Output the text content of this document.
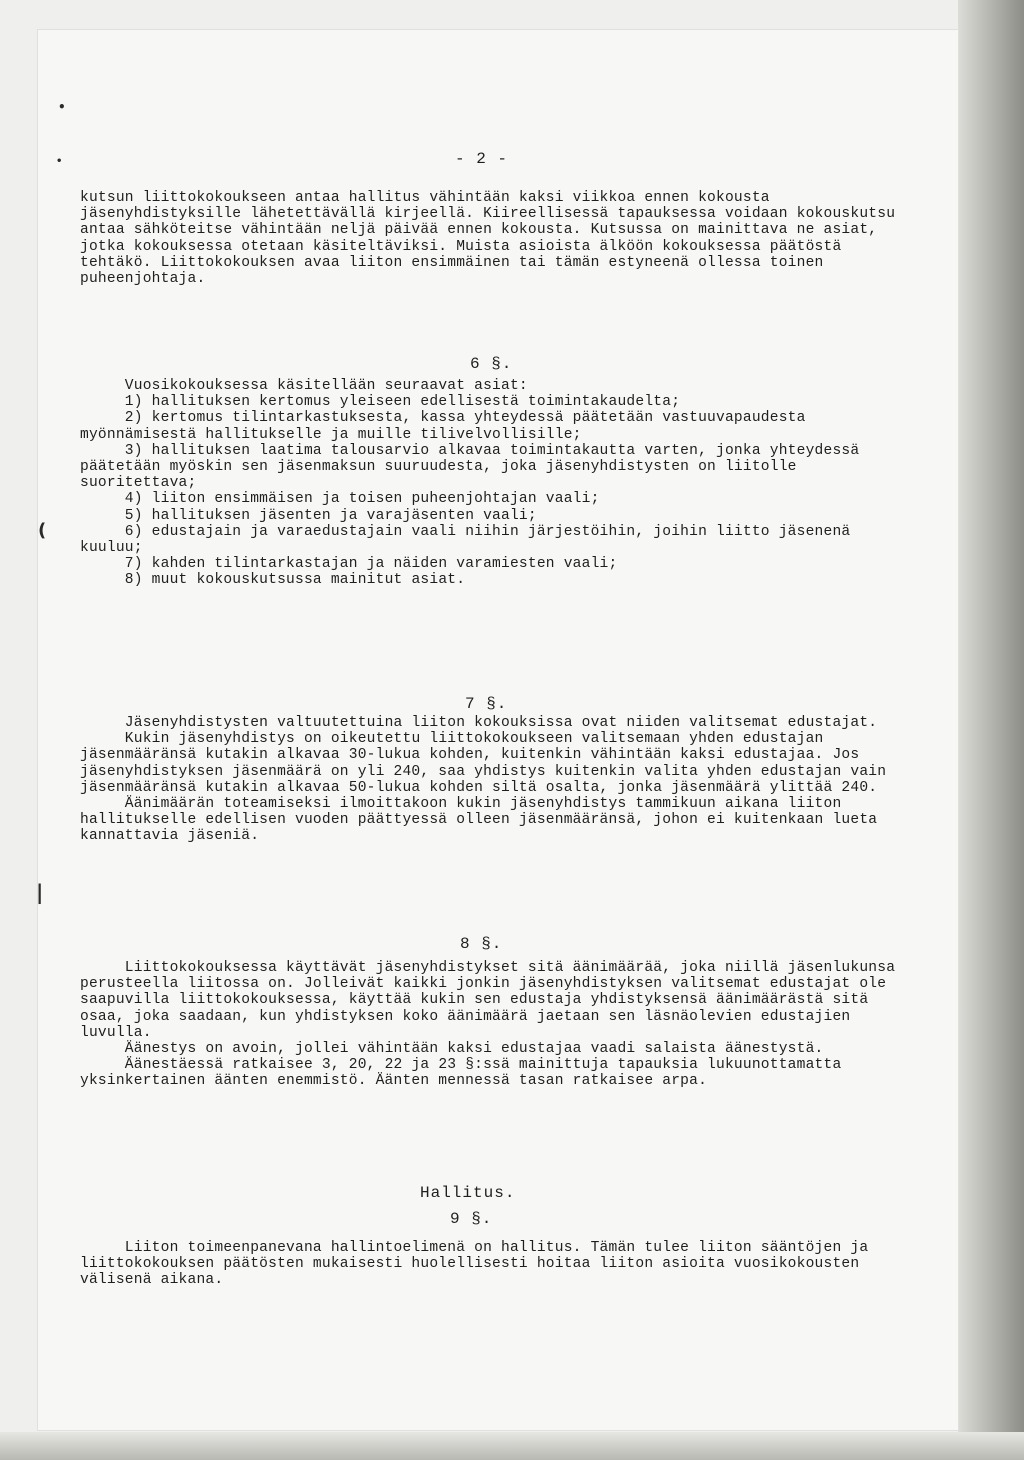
•
•
(
|
- 2 -
kutsun liittokokoukseen antaa hallitus vähintään kaksi viikkoa ennen kokousta jäsenyhdistyksille lähetettävällä kirjeellä. Kiireellisessä tapauksessa voidaan kokouskutsu antaa sähköteitse vähintään neljä päivää ennen kokousta. Kutsussa on mainittava ne asiat, jotka kokouksessa otetaan käsiteltäviksi. Muista asioista älköön kokouksessa päätöstä tehtäkö. Liittokokouksen avaa liiton ensimmäinen tai tämän estyneenä ollessa toinen puheenjohtaja.
6 §.
Vuosikokouksessa käsitellään seuraavat asiat:
1) hallituksen kertomus yleiseen edellisestä toimintakaudelta;
2) kertomus tilintarkastuksesta, kassa yhteydessä päätetään vastuuvapaudesta myönnämisestä hallitukselle ja muille tilivelvollisille;
3) hallituksen laatima talousarvio alkavaa toimintakautta varten, jonka yhteydessä päätetään myöskin sen jäsenmaksun suuruudesta, joka jäsenyhdistysten on liitolle suoritettava;
4) liiton ensimmäisen ja toisen puheenjohtajan vaali;
5) hallituksen jäsenten ja varajäsenten vaali;
6) edustajain ja varaedustajain vaali niihin järjestöihin, joihin liitto jäsenenä kuuluu;
7) kahden tilintarkastajan ja näiden varamiesten vaali;
8) muut kokouskutsussa mainitut asiat.
7 §.
Jäsenyhdistysten valtuutettuina liiton kokouksissa ovat niiden valitsemat edustajat.
Kukin jäsenyhdistys on oikeutettu liittokokoukseen valitsemaan yhden edustajan jäsenmääränsä kutakin alkavaa 30-lukua kohden, kuitenkin vähintään kaksi edustajaa. Jos jäsenyhdistyksen jäsenmäärä on yli 240, saa yhdistys kuitenkin valita yhden edustajan vain jäsenmääränsä kutakin alkavaa 50-lukua kohden siltä osalta, jonka jäsenmäärä ylittää 240.
Äänimäärän toteamiseksi ilmoittakoon kukin jäsenyhdistys tammikuun aikana liiton hallitukselle edellisen vuoden päättyessä olleen jäsenmääränsä, johon ei kuitenkaan lueta kannattavia jäseniä.
8 §.
Liittokokouksessa käyttävät jäsenyhdistykset sitä äänimäärää, joka niillä jäsenlukunsa perusteella liitossa on. Jolleivät kaikki jonkin jäsenyhdistyksen valitsemat edustajat ole saapuvilla liittokokouksessa, käyttää kukin sen edustaja yhdistyksensä äänimäärästä sitä osaa, joka saadaan, kun yhdistyksen koko äänimäärä jaetaan sen läsnäolevien edustajien luvulla.
Äänestys on avoin, jollei vähintään kaksi edustajaa vaadi salaista äänestystä.
Äänestäessä ratkaisee 3, 20, 22 ja 23 §:ssä mainittuja tapauksia lukuunottamatta yksinkertainen äänten enemmistö. Äänten mennessä tasan ratkaisee arpa.
Hallitus.
9 §.
Liiton toimeenpanevana hallintoelimenä on hallitus. Tämän tulee liiton sääntöjen ja liittokokouksen päätösten mukaisesti huolellisesti hoitaa liiton asioita vuosikokousten välisenä aikana.
